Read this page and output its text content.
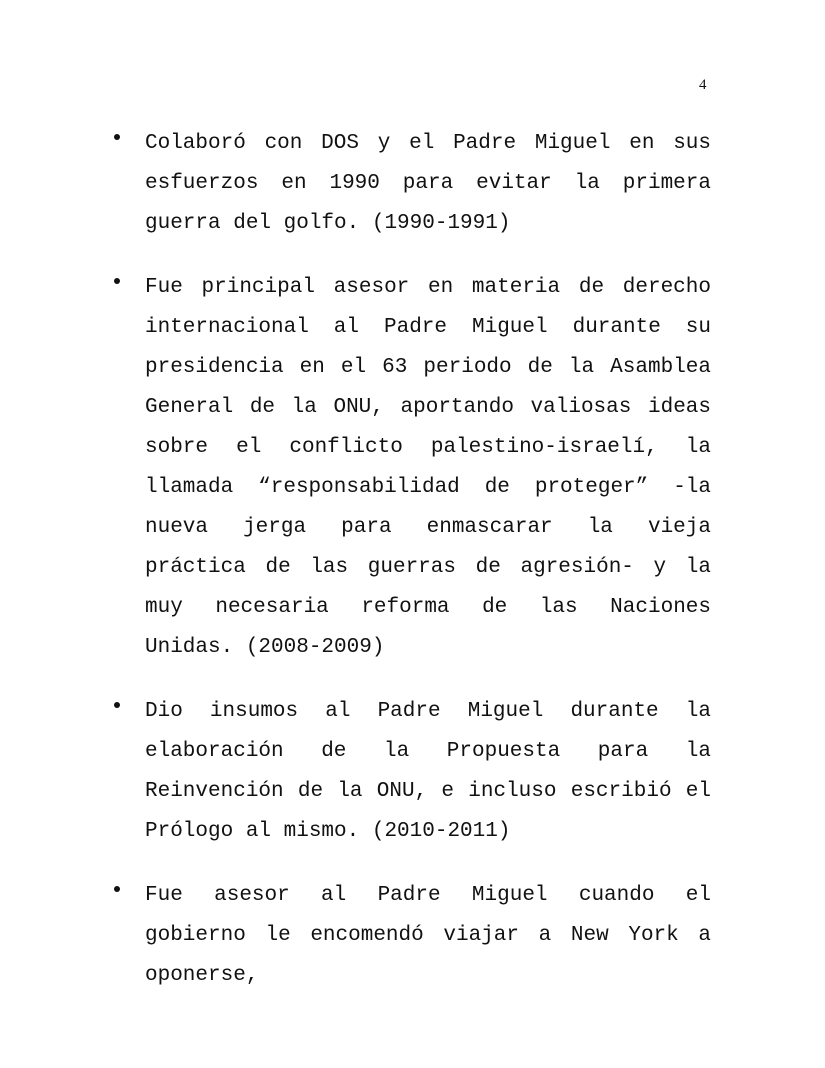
4

Colaboró con DOS y el Padre Miguel en sus esfuerzos en 1990 para evitar la primera guerra del golfo. (1990-1991)

Fue principal asesor en materia de derecho internacional al Padre Miguel durante su presidencia en el 63 periodo de la Asamblea General de la ONU, aportando valiosas ideas sobre el conflicto palestino-israelí, la llamada “responsabilidad de proteger” -la nueva jerga para enmascarar la vieja práctica de las guerras de agresión- y la muy necesaria reforma de las Naciones Unidas. (2008-2009)

Dio insumos al Padre Miguel durante la elaboración de la Propuesta para la Reinvención de la ONU, e incluso escribió el Prólogo al mismo. (2010-2011)

Fue asesor al Padre Miguel cuando el gobierno le encomendó viajar a New York a oponerse,
